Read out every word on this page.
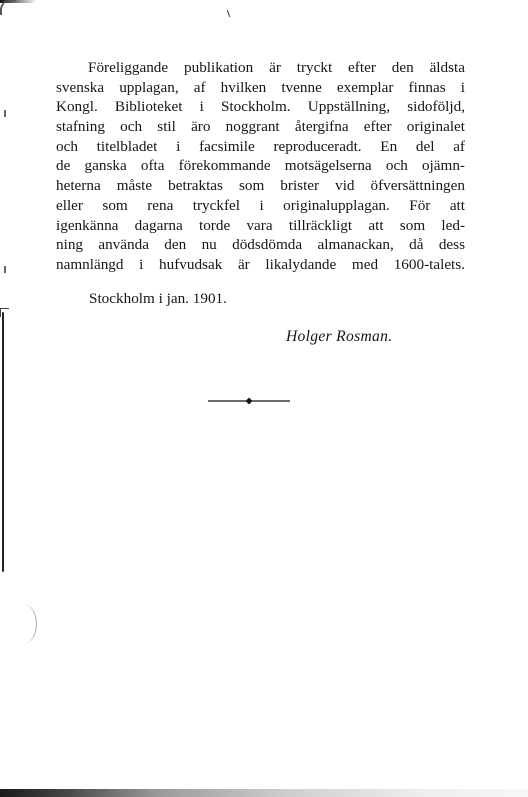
Föreliggande publikation är tryckt efter den äldsta
svenska upplagan, af hvilken tvenne exemplar finnas i
Kongl. Biblioteket i Stockholm. Uppställning, sidoföljd,
stafning och stil äro noggrant återgifna efter originalet
och titelbladet i facsimile reproduceradt. En del af
de ganska ofta förekommande motsägelserna och ojämn-
heterna måste betraktas som brister vid öfversättningen
eller som rena tryckfel i originalupplagan. För att
igenkänna dagarna torde vara tillräckligt att som led-
ning använda den nu dödsdömda almanackan, då dess
namnlängd i hufvudsak är likalydande med 1600-talets.

Stockholm i jan. 1901.

Holger Rosman.
